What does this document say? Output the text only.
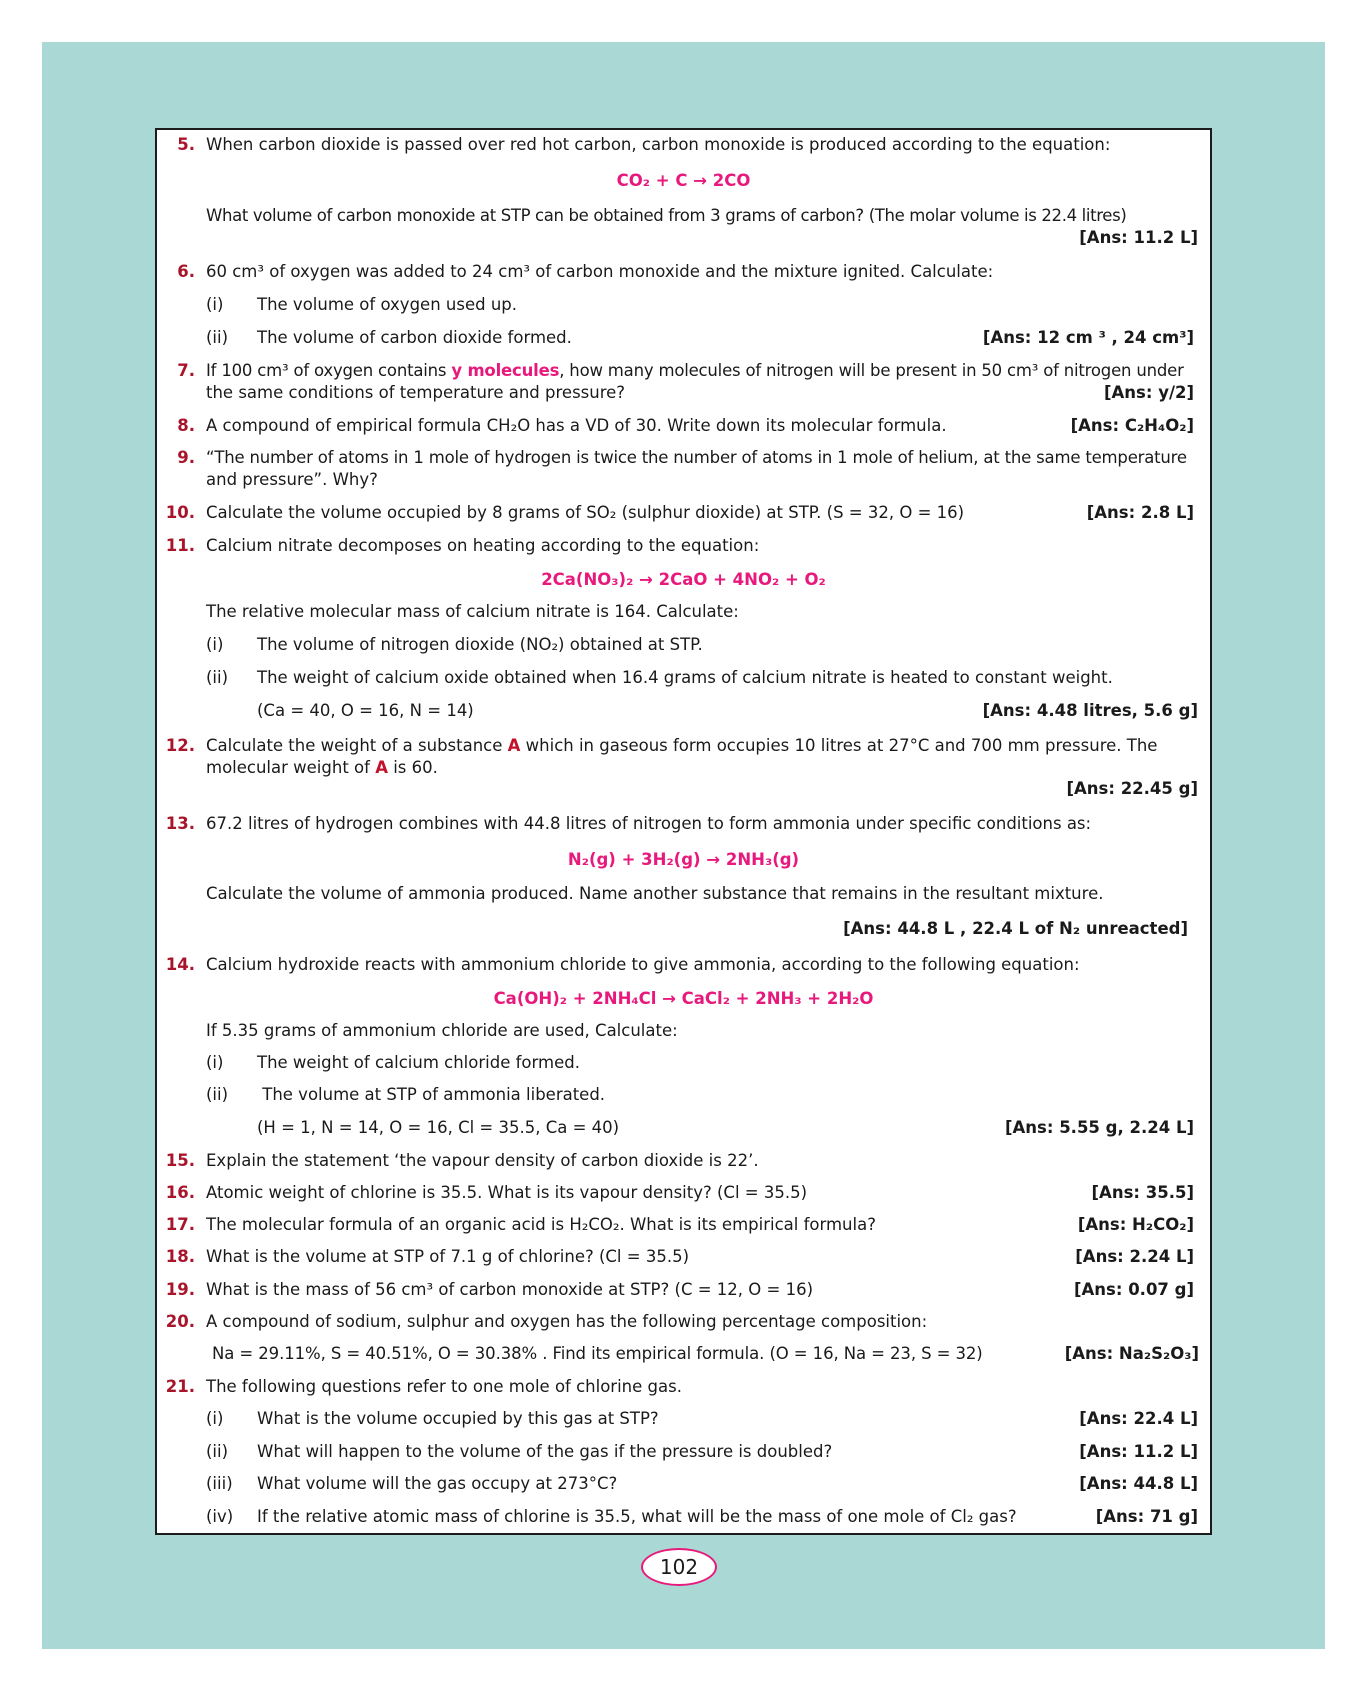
5. When carbon dioxide is passed over red hot carbon, carbon monoxide is produced according to the equation:
CO₂ + C → 2CO
What volume of carbon monoxide at STP can be obtained from 3 grams of carbon? (The molar volume is 22.4 litres)
[Ans: 11.2 L]
6. 60 cm³ of oxygen was added to 24 cm³ of carbon monoxide and the mixture ignited. Calculate:
(i) The volume of oxygen used up.
(ii) The volume of carbon dioxide formed.	[Ans: 12 cm ³ , 24 cm³]
7. If 100 cm³ of oxygen contains y molecules, how many molecules of nitrogen will be present in 50 cm³ of nitrogen under
the same conditions of temperature and pressure?	[Ans: y/2]
8. A compound of empirical formula CH₂O has a VD of 30. Write down its molecular formula.	[Ans: C₂H₄O₂]
9. “The number of atoms in 1 mole of hydrogen is twice the number of atoms in 1 mole of helium, at the same temperature
and pressure”. Why?
10. Calculate the volume occupied by 8 grams of SO₂ (sulphur dioxide) at STP. (S = 32, O = 16)	[Ans: 2.8 L]
11. Calcium nitrate decomposes on heating according to the equation:
2Ca(NO₃)₂ → 2CaO + 4NO₂ + O₂
The relative molecular mass of calcium nitrate is 164. Calculate:
(i) The volume of nitrogen dioxide (NO₂) obtained at STP.
(ii) The weight of calcium oxide obtained when 16.4 grams of calcium nitrate is heated to constant weight.
(Ca = 40, O = 16, N = 14)	[Ans: 4.48 litres, 5.6 g]
12. Calculate the weight of a substance A which in gaseous form occupies 10 litres at 27°C and 700 mm pressure. The
molecular weight of A is 60.
[Ans: 22.45 g]
13. 67.2 litres of hydrogen combines with 44.8 litres of nitrogen to form ammonia under specific conditions as:
N₂(g) + 3H₂(g) → 2NH₃(g)
Calculate the volume of ammonia produced. Name another substance that remains in the resultant mixture.
[Ans: 44.8 L , 22.4 L of N₂ unreacted]
14. Calcium hydroxide reacts with ammonium chloride to give ammonia, according to the following equation:
Ca(OH)₂ + 2NH₄Cl → CaCl₂ + 2NH₃ + 2H₂O
If 5.35 grams of ammonium chloride are used, Calculate:
(i) The weight of calcium chloride formed.
(ii) The volume at STP of ammonia liberated.
(H = 1, N = 14, O = 16, Cl = 35.5, Ca = 40)	[Ans: 5.55 g, 2.24 L]
15. Explain the statement ‘the vapour density of carbon dioxide is 22’.
16. Atomic weight of chlorine is 35.5. What is its vapour density? (Cl = 35.5)	[Ans: 35.5]
17. The molecular formula of an organic acid is H₂CO₂. What is its empirical formula?	[Ans: H₂CO₂]
18. What is the volume at STP of 7.1 g of chlorine? (Cl = 35.5)	[Ans: 2.24 L]
19. What is the mass of 56 cm³ of carbon monoxide at STP? (C = 12, O = 16)	[Ans: 0.07 g]
20. A compound of sodium, sulphur and oxygen has the following percentage composition:
Na = 29.11%, S = 40.51%, O = 30.38% . Find its empirical formula. (O = 16, Na = 23, S = 32)	[Ans: Na₂S₂O₃]
21. The following questions refer to one mole of chlorine gas.
(i) What is the volume occupied by this gas at STP?	[Ans: 22.4 L]
(ii) What will happen to the volume of the gas if the pressure is doubled?	[Ans: 11.2 L]
(iii) What volume will the gas occupy at 273°C?	[Ans: 44.8 L]
(iv) If the relative atomic mass of chlorine is 35.5, what will be the mass of one mole of Cl₂ gas?	[Ans: 71 g]
102
